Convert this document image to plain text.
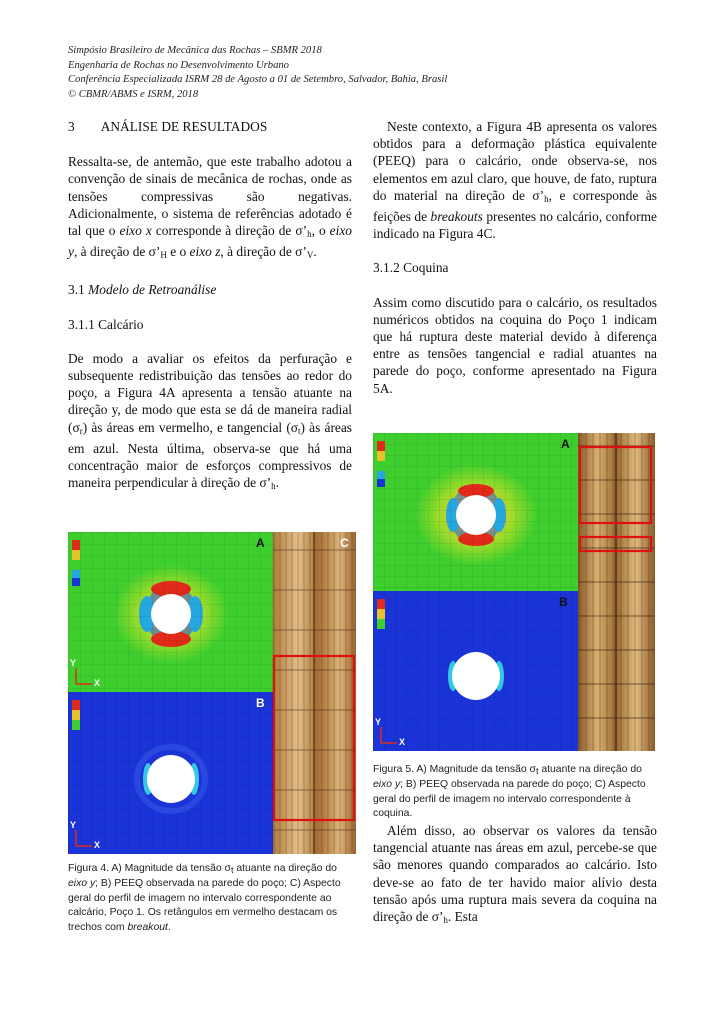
Simpósio Brasileiro de Mecânica das Rochas – SBMR 2018
Engenharia de Rochas no Desenvolvimento Urbano
Conferência Especializada ISRM 28 de Agosto a 01 de Setembro, Salvador, Bahia, Brasil
© CBMR/ABMS e ISRM, 2018
3 ANÁLISE DE RESULTADOS

Ressalta-se, de antemão, que este trabalho adotou a convenção de sinais de mecânica de rochas, onde as tensões compressivas são negativas. Adicionalmente, o sistema de referências adotado é tal que o eixo x corresponde à direção de $\sigma’_h$, o eixo y, à direção de $\sigma’_H$ e o eixo z, à direção de $\sigma’_V$.

3.1 Modelo de Retroanálise

3.1.1 Calcário

De modo a avaliar os efeitos da perfuração e subsequente redistribuição das tensões ao redor do poço, a Figura 4A apresenta a tensão atuante na direção y, de modo que esta se dá de maneira radial $(\sigma_r)$ às áreas em vermelho, e tangencial $(\sigma_t)$ às áreas em azul. Nesta última, observa-se que há uma concentração maior de esforços compressivos de maneira perpendicular à direção de $\sigma’_h$.

A
B
C
Y
X
Y
X
Figura 4. A) Magnitude da tensão σt atuante na direção do eixo y; B) PEEQ observada na parede do poço; C) Aspecto geral do perfil de imagem no intervalo correspondente ao calcário, Poço 1. Os retângulos em vermelho destacam os trechos com breakout.

Neste contexto, a Figura 4B apresenta os valores obtidos para a deformação plástica equivalente (PEEQ) para o calcário, onde observa-se, nos elementos em azul claro, que houve, de fato, ruptura do material na direção de $\sigma’_h$, e corresponde às feições de breakouts presentes no calcário, conforme indicado na Figura 4C.

3.1.2 Coquina

Assim como discutido para o calcário, os resultados numéricos obtidos na coquina do Poço 1 indicam que há ruptura deste material devido à diferença entre as tensões tangencial e radial atuantes na parede do poço, conforme apresentado na Figura 5A.

A
B
Y
X
Figura 5. A) Magnitude da tensão σt atuante na direção do eixo y; B) PEEQ observada na parede do poço; C) Aspecto geral do perfil de imagem no intervalo correspondente à coquina.

Além disso, ao observar os valores da tensão tangencial atuante nas áreas em azul, percebe-se que são menores quando comparados ao calcário. Isto deve-se ao fato de ter havido maior alívio desta tensão após uma ruptura mais severa da coquina na direção de $\sigma’_h$. Esta
